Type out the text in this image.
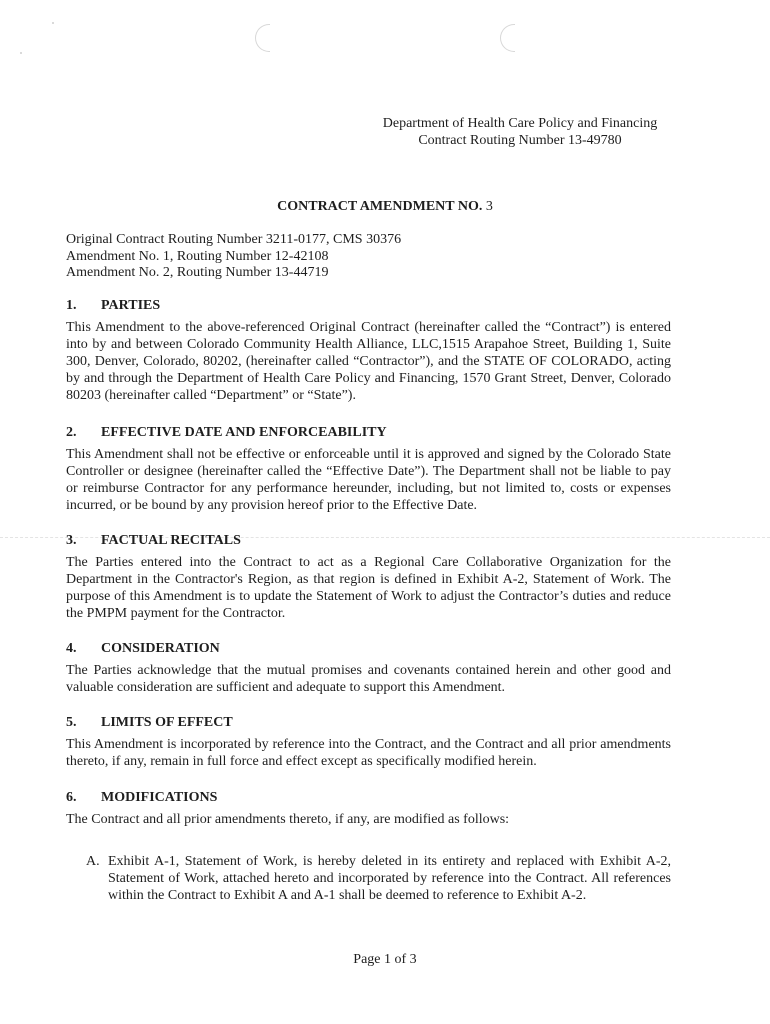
Department of Health Care Policy and Financing
Contract Routing Number 13-49780
CONTRACT AMENDMENT NO. 3
Original Contract Routing Number 3211-0177, CMS 30376
Amendment No. 1, Routing Number 12-42108
Amendment No. 2, Routing Number 13-44719
1.	PARTIES
This Amendment to the above-referenced Original Contract (hereinafter called the “Contract”) is entered into by and between Colorado Community Health Alliance, LLC,1515 Arapahoe Street, Building 1, Suite 300, Denver, Colorado, 80202, (hereinafter called “Contractor”), and the STATE OF COLORADO, acting by and through the Department of Health Care Policy and Financing, 1570 Grant Street, Denver, Colorado 80203 (hereinafter called “Department” or “State”).
2.	EFFECTIVE DATE AND ENFORCEABILITY
This Amendment shall not be effective or enforceable until it is approved and signed by the Colorado State Controller or designee (hereinafter called the “Effective Date”). The Department shall not be liable to pay or reimburse Contractor for any performance hereunder, including, but not limited to, costs or expenses incurred, or be bound by any provision hereof prior to the Effective Date.
3.	FACTUAL RECITALS
The Parties entered into the Contract to act as a Regional Care Collaborative Organization for the Department in the Contractor's Region, as that region is defined in Exhibit A-2, Statement of Work. The purpose of this Amendment is to update the Statement of Work to adjust the Contractor’s duties and reduce the PMPM payment for the Contractor.
4.	CONSIDERATION
The Parties acknowledge that the mutual promises and covenants contained herein and other good and valuable consideration are sufficient and adequate to support this Amendment.
5.	LIMITS OF EFFECT
This Amendment is incorporated by reference into the Contract, and the Contract and all prior amendments thereto, if any, remain in full force and effect except as specifically modified herein.
6.	MODIFICATIONS
The Contract and all prior amendments thereto, if any, are modified as follows:
A. Exhibit A-1, Statement of Work, is hereby deleted in its entirety and replaced with Exhibit A-2, Statement of Work, attached hereto and incorporated by reference into the Contract. All references within the Contract to Exhibit A and A-1 shall be deemed to reference to Exhibit A-2.
Page 1 of 3
